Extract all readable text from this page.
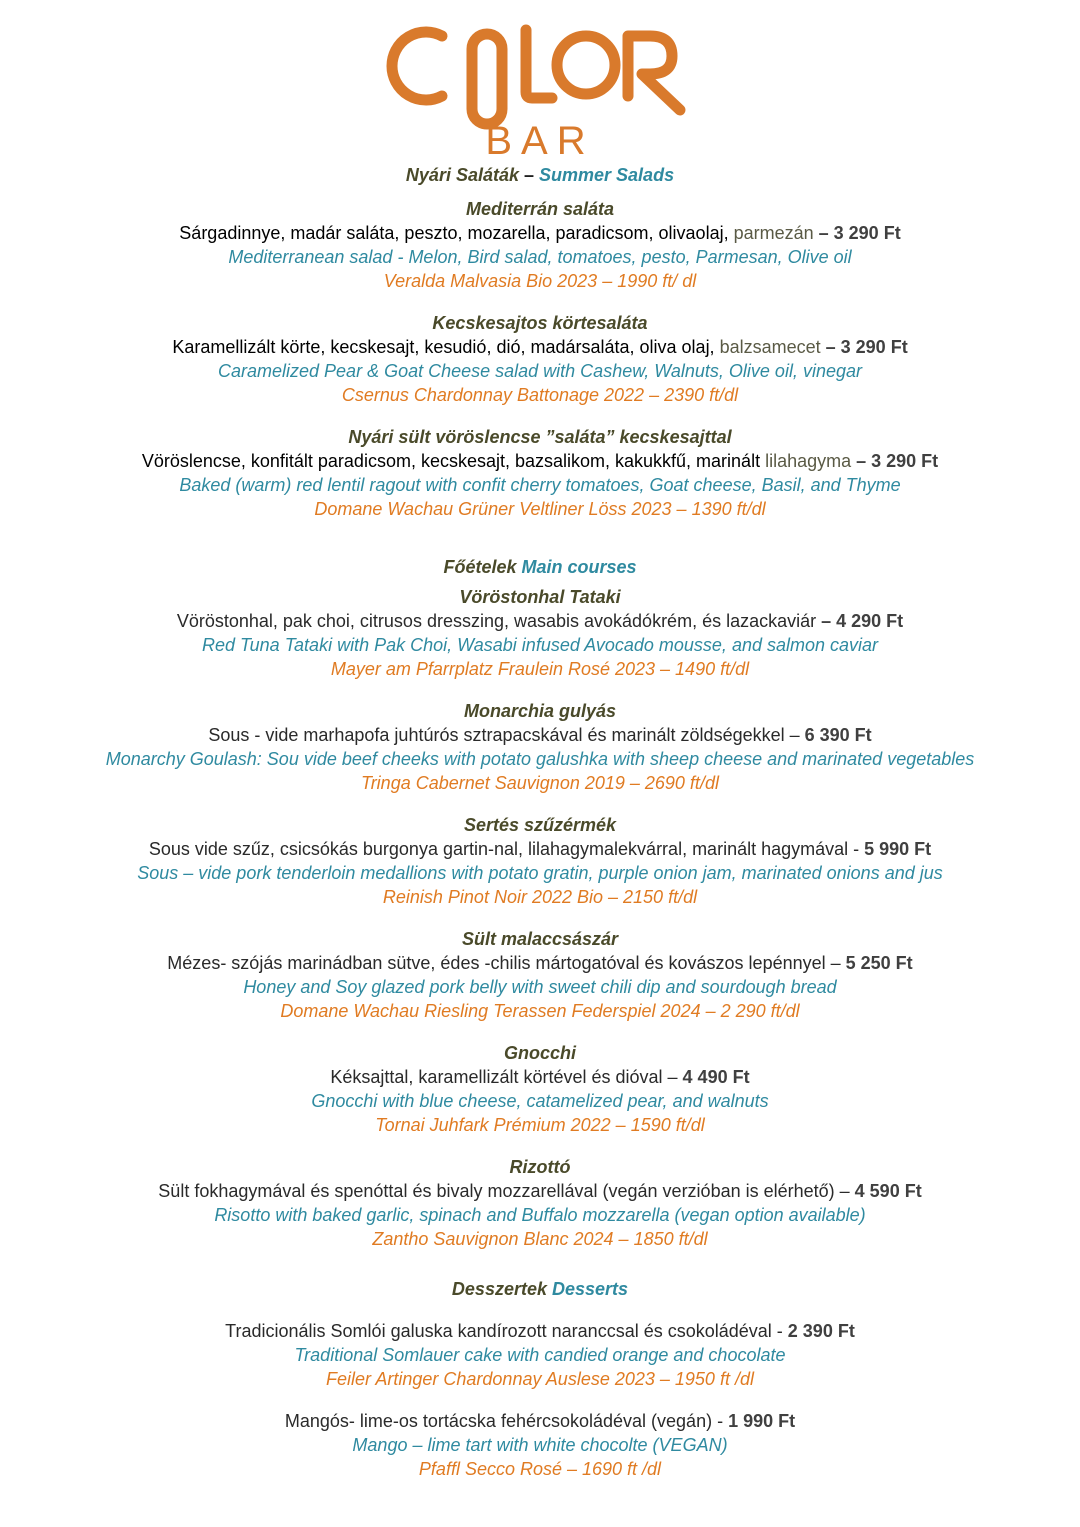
BAR
Nyári Saláták – Summer Salads
Mediterrán saláta
Sárgadinnye, madár saláta, peszto, mozarella, paradicsom, olivaolaj, parmezán – 3 290 Ft
Mediterranean salad - Melon, Bird salad, tomatoes, pesto, Parmesan, Olive oil
Veralda Malvasia Bio 2023 – 1990 ft/ dl
Kecskesajtos körtesaláta
Karamellizált körte, kecskesajt, kesudió, dió, madársaláta, oliva olaj, balzsamecet – 3 290 Ft
Caramelized Pear & Goat Cheese salad with Cashew, Walnuts, Olive oil, vinegar
Csernus Chardonnay Battonage 2022 – 2390 ft/dl
Nyári sült vöröslencse ”saláta” kecskesajttal
Vöröslencse, konfitált paradicsom, kecskesajt, bazsalikom, kakukkfű, marinált lilahagyma – 3 290 Ft
Baked (warm) red lentil ragout with confit cherry tomatoes, Goat cheese, Basil, and Thyme
Domane Wachau Grüner Veltliner Löss 2023 – 1390 ft/dl
Főételek Main courses
Vöröstonhal Tataki
Vöröstonhal, pak choi, citrusos dresszing, wasabis avokádókrém, és lazackaviár – 4 290 Ft
Red Tuna Tataki with Pak Choi, Wasabi infused Avocado mousse, and salmon caviar
Mayer am Pfarrplatz Fraulein Rosé 2023 – 1490 ft/dl
Monarchia gulyás
Sous - vide marhapofa juhtúrós sztrapacskával és marinált zöldségekkel – 6 390 Ft
Monarchy Goulash: Sou vide beef cheeks with potato galushka with sheep cheese and marinated vegetables
Tringa Cabernet Sauvignon 2019 – 2690 ft/dl
Sertés szűzérmék
Sous vide szűz, csicsókás burgonya gartin-nal, lilahagymalekvárral, marinált hagymával - 5 990 Ft
Sous – vide pork tenderloin medallions with potato gratin, purple onion jam, marinated onions and jus
Reinish Pinot Noir 2022 Bio – 2150 ft/dl
Sült malaccsászár
Mézes- szójás marinádban sütve, édes -chilis mártogatóval és kovászos lepénnyel – 5 250 Ft
Honey and Soy glazed pork belly with sweet chili dip and sourdough bread
Domane Wachau Riesling Terassen Federspiel 2024 – 2 290 ft/dl
Gnocchi
Kéksajttal, karamellizált körtével és dióval – 4 490 Ft
Gnocchi with blue cheese, catamelized pear, and walnuts
Tornai Juhfark Prémium 2022 – 1590 ft/dl
Rizottó
Sült fokhagymával és spenóttal és bivaly mozzarellával (vegán verzióban is elérhető) – 4 590 Ft
Risotto with baked garlic, spinach and Buffalo mozzarella (vegan option available)
Zantho Sauvignon Blanc 2024 – 1850 ft/dl
Desszertek Desserts
Tradicionális Somlói galuska kandírozott naranccsal és csokoládéval - 2 390 Ft
Traditional Somlauer cake with candied orange and chocolate
Feiler Artinger Chardonnay Auslese 2023 – 1950 ft /dl
Mangós- lime-os tortácska fehércsokoládéval (vegán) - 1 990 Ft
Mango – lime tart with white chocolte (VEGAN)
Pfaffl Secco Rosé – 1690 ft /dl
